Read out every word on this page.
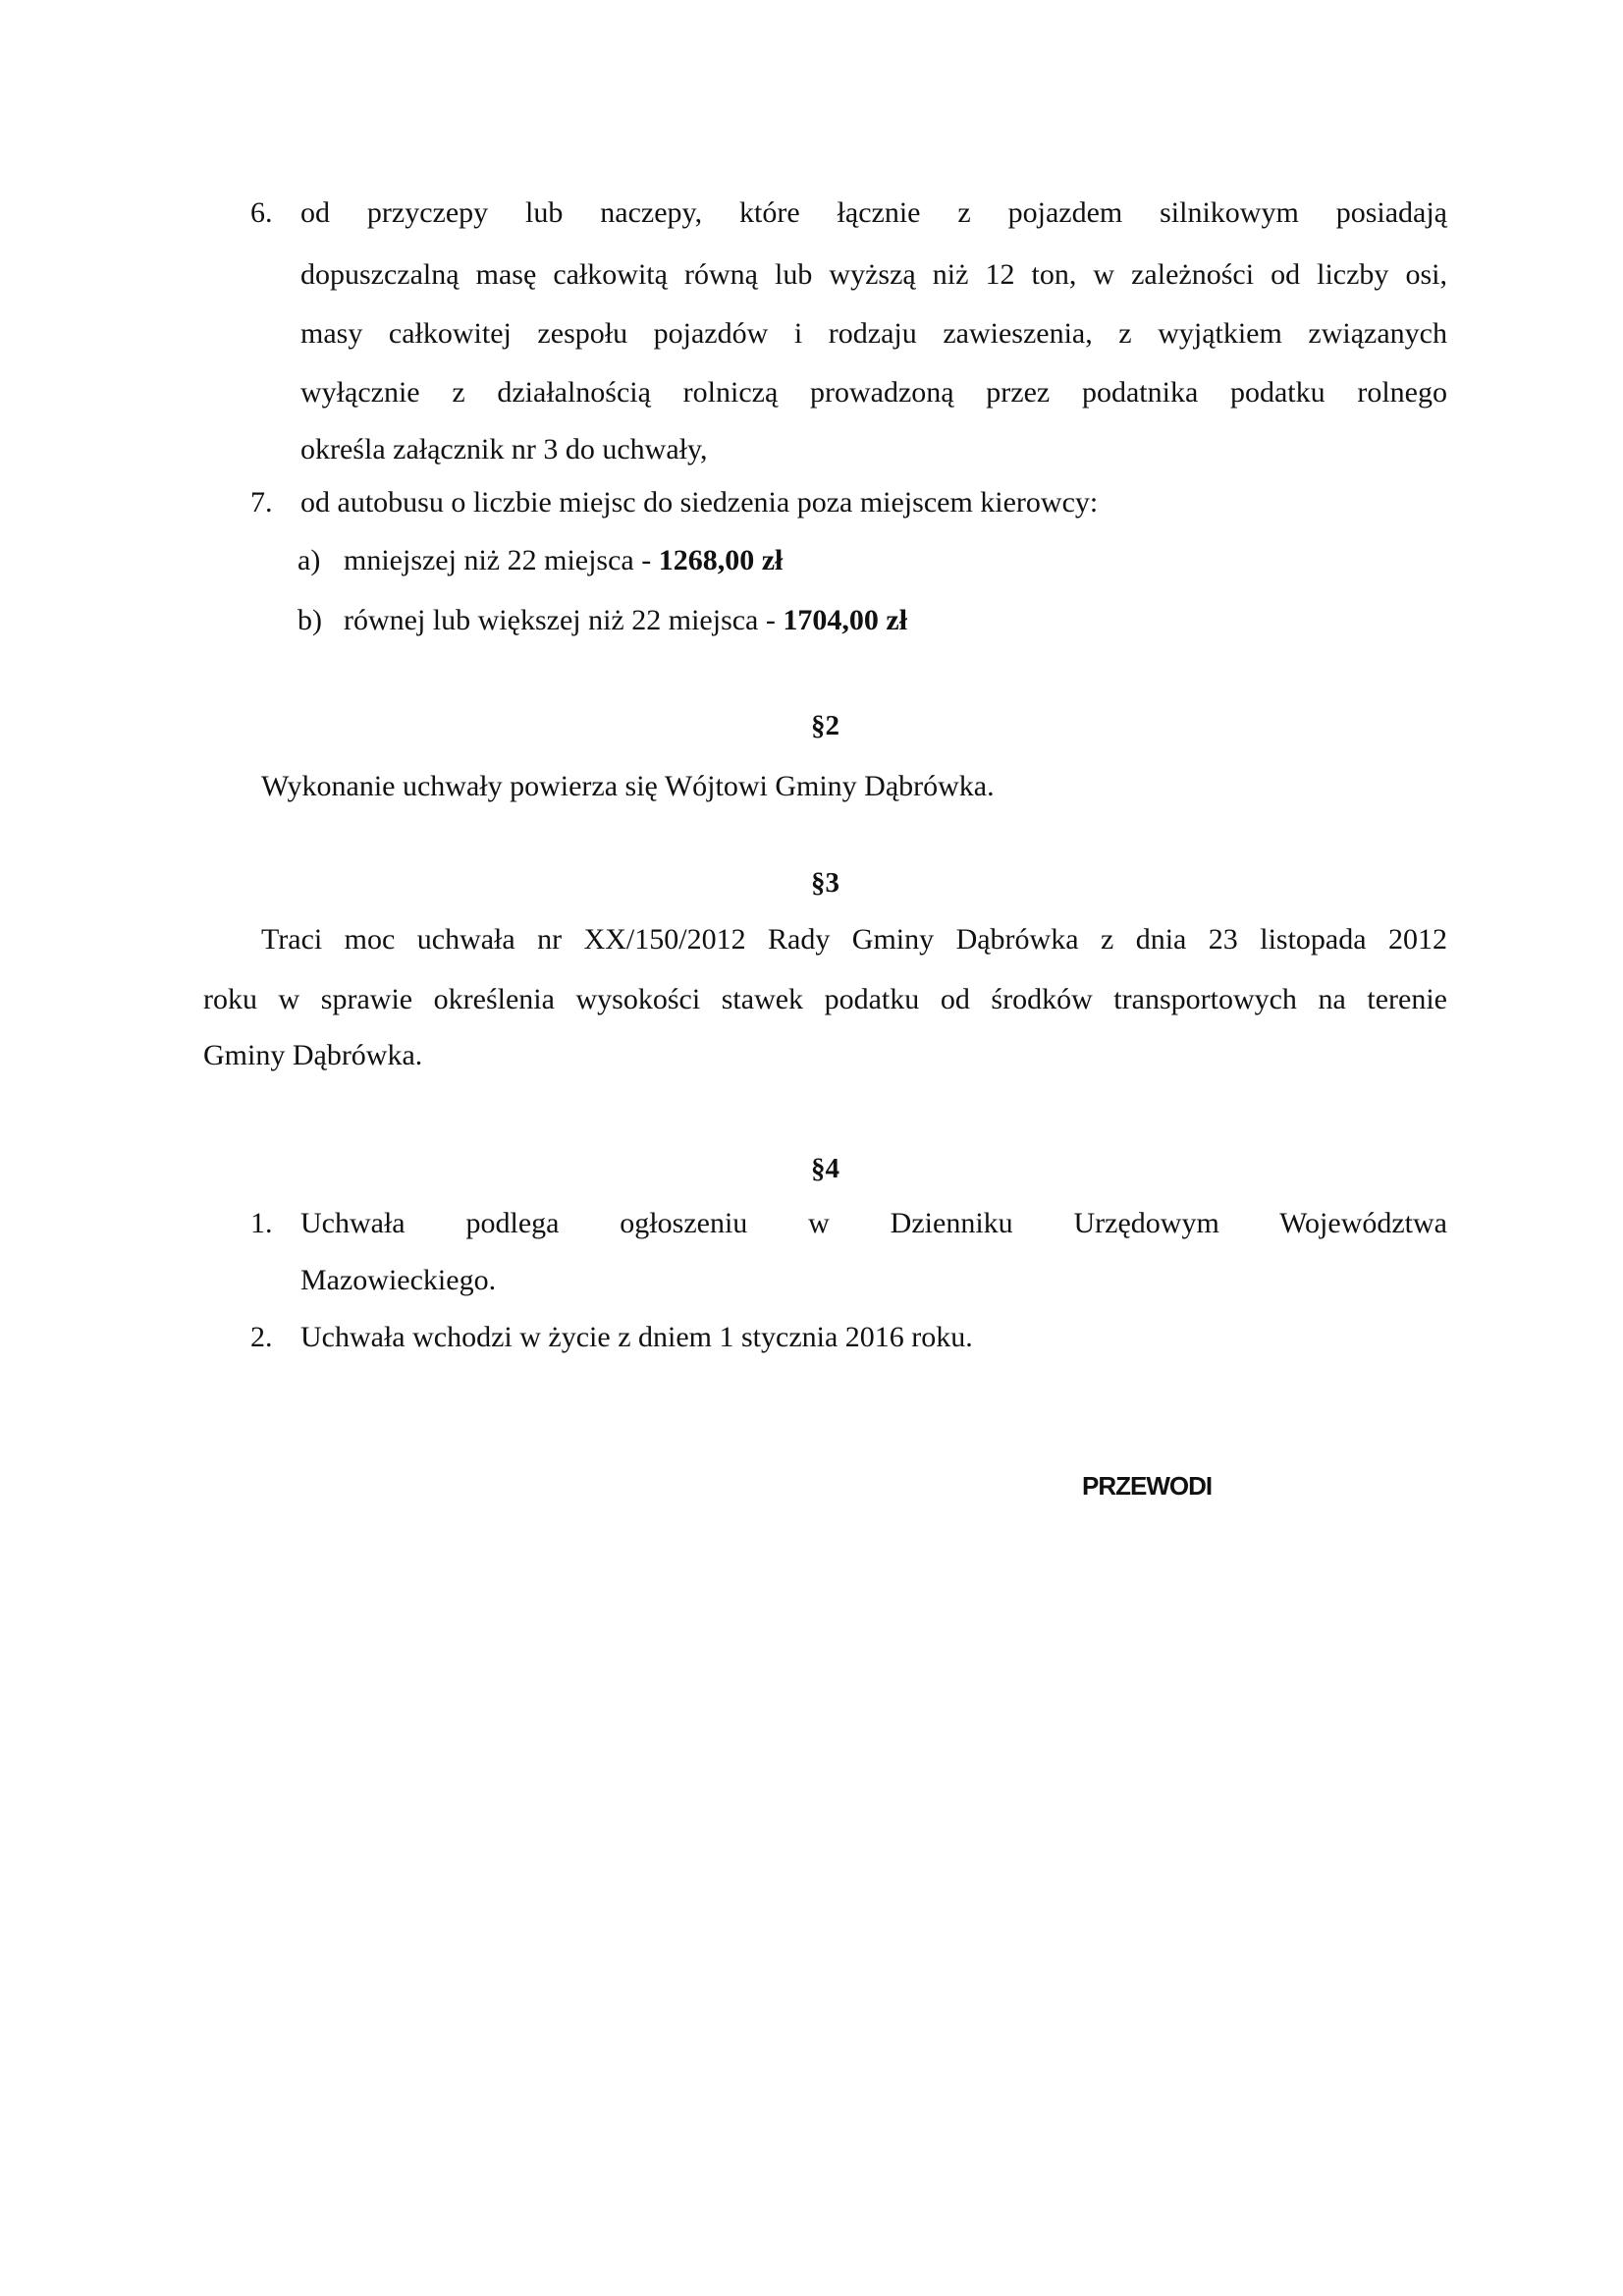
6. od przyczepy lub naczepy, które łącznie z pojazdem silnikowym posiadają
dopuszczalną masę całkowitą równą lub wyższą niż 12 ton, w zależności od liczby osi,
masy całkowitej zespołu pojazdów i rodzaju zawieszenia, z wyjątkiem związanych
wyłącznie z działalnością rolniczą prowadzoną przez podatnika podatku rolnego
określa załącznik nr 3 do uchwały,
7. od autobusu o liczbie miejsc do siedzenia poza miejscem kierowcy:
a) mniejszej niż 22 miejsca - 1268,00 zł
b) równej lub większej niż 22 miejsca - 1704,00 zł
§2
Wykonanie uchwały powierza się Wójtowi Gminy Dąbrówka.
§3
Traci moc uchwała nr XX/150/2012 Rady Gminy Dąbrówka z dnia 23 listopada 2012
roku w sprawie określenia wysokości stawek podatku od środków transportowych na terenie
Gminy Dąbrówka.
§4
1. Uchwała podlega ogłoszeniu w Dzienniku Urzędowym Województwa
Mazowieckiego.
2. Uchwała wchodzi w życie z dniem 1 stycznia 2016 roku.
PRZEWODI
